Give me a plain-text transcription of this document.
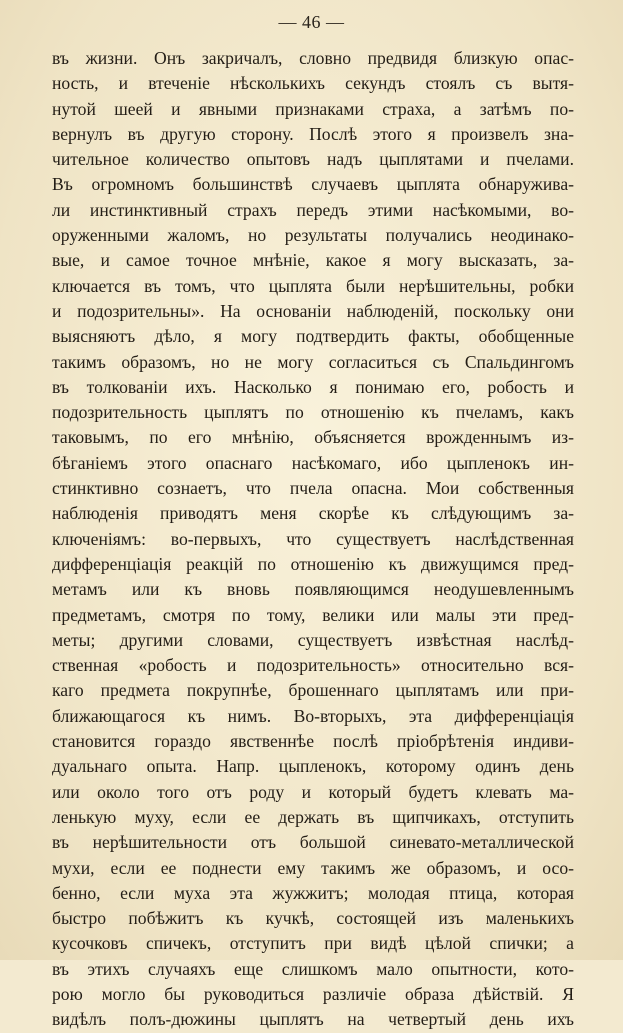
— 46 —
въ жизни. Онъ закричалъ, словно предвидя близкую опас-
ность, и втеченіе нѣсколькихъ секундъ стоялъ съ вытя-
нутой шеей и явными признаками страха, а затѣмъ по-
вернулъ въ другую сторону. Послѣ этого я произвелъ зна-
чительное количество опытовъ надъ цыплятами и пчелами.
Въ огромномъ большинствѣ случаевъ цыплята обнаружива-
ли инстинктивный страхъ передъ этими насѣкомыми, во-
оруженными жаломъ, но результаты получались неодинако-
вые, и самое точное мнѣніе, какое я могу высказать, за-
ключается въ томъ, что цыплята были нерѣшительны, робки
и подозрительны». На основаніи наблюденій, поскольку они
выясняютъ дѣло, я могу подтвердить факты, обобщенные
такимъ образомъ, но не могу согласиться съ Спальдингомъ
въ толкованіи ихъ. Насколько я понимаю его, робость и
подозрительность цыплятъ по отношенію къ пчеламъ, какъ
таковымъ, по его мнѣнію, объясняется врожденнымъ из-
бѣганіемъ этого опаснаго насѣкомаго, ибо цыпленокъ ин-
стинктивно сознаетъ, что пчела опасна. Мои собственныя
наблюденія приводятъ меня скорѣе къ слѣдующимъ за-
ключеніямъ: во-первыхъ, что существуетъ наслѣдственная
дифференціація реакцій по отношенію къ движущимся пред-
метамъ или къ вновь появляющимся неодушевленнымъ
предметамъ, смотря по тому, велики или малы эти пред-
меты; другими словами, существуетъ извѣстная наслѣд-
ственная «робость и подозрительность» относительно вся-
каго предмета покрупнѣе, брошеннаго цыплятамъ или при-
ближающагося къ нимъ. Во-вторыхъ, эта дифференціація
становится гораздо явственнѣе послѣ пріобрѣтенія индиви-
дуальнаго опыта. Напр. цыпленокъ, которому одинъ день
или около того отъ роду и который будетъ клевать ма-
ленькую муху, если ее держать въ щипчикахъ, отступить
въ нерѣшительности отъ большой синевато-металлической
мухи, если ее поднести ему такимъ же образомъ, и осо-
бенно, если муха эта жужжитъ; молодая птица, которая
быстро побѣжитъ къ кучкѣ, состоящей изъ маленькихъ
кусочковъ спичекъ, отступитъ при видѣ цѣлой спички; а
въ этихъ случаяхъ еще слишкомъ мало опытности, кото-
рою могло бы руководиться различіе образа дѣйствій. Я
видѣлъ полъ-дюжины цыплятъ на четвертый день ихъ
